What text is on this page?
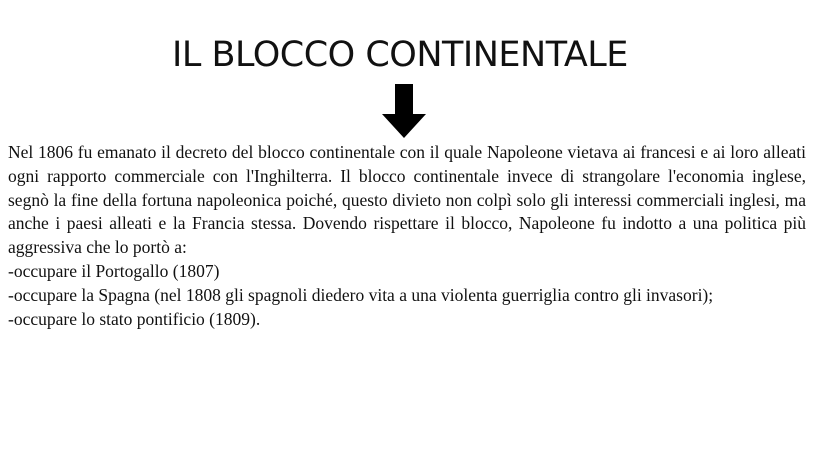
IL BLOCCO CONTINENTALE

Nel 1806 fu emanato il decreto del blocco continentale con il quale Napoleone vietava ai francesi e ai loro alleati ogni rapporto commerciale con l'Inghilterra. Il blocco continentale invece di strangolare l'economia inglese, segnò la fine della fortuna napoleonica poiché, questo divieto non colpì solo gli interessi commerciali inglesi, ma anche i paesi alleati e la Francia stessa. Dovendo rispettare il blocco, Napoleone fu indotto a una politica più aggressiva che lo portò a:

-occupare il Portogallo (1807)

-occupare la Spagna (nel 1808 gli spagnoli diedero vita a una violenta guerriglia contro gli invasori);

-occupare lo stato pontificio (1809).
